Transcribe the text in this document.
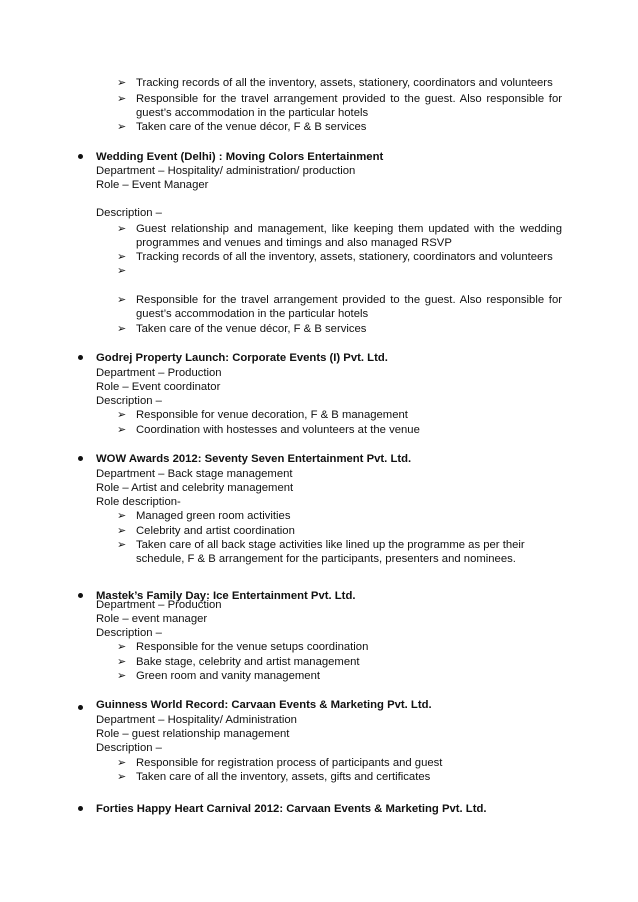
➢ Tracking records of all the inventory, assets, stationery, coordinators and volunteers
➢ Responsible for the travel arrangement provided to the guest. Also responsible for guest’s accommodation in the particular hotels
➢ Taken care of the venue décor, F & B services
Wedding Event (Delhi) : Moving Colors Entertainment
Department – Hospitality/ administration/ production
Role – Event Manager
Description –
➢ Guest relationship and management, like keeping them updated with the wedding programmes and venues and timings and also managed RSVP
➢ Tracking records of all the inventory, assets, stationery, coordinators and volunteers
➢
➢ Responsible for the travel arrangement provided to the guest. Also responsible for guest’s accommodation in the particular hotels
➢ Taken care of the venue décor, F & B services
Godrej Property Launch: Corporate Events (I) Pvt. Ltd.
Department – Production
Role – Event coordinator
Description –
➢ Responsible for venue decoration, F & B management
➢ Coordination with hostesses and volunteers at the venue
WOW Awards 2012: Seventy Seven Entertainment Pvt. Ltd.
Department – Back stage management
Role – Artist and celebrity management
Role description-
➢ Managed green room activities
➢ Celebrity and artist coordination
➢ Taken care of all back stage activities like lined up the programme as per their schedule, F & B arrangement for the participants, presenters and nominees.
Mastek’s Family Day: Ice Entertainment Pvt. Ltd.
Department – Production
Role – event manager
Description –
➢ Responsible for the venue setups coordination
➢ Bake stage, celebrity and artist management
➢ Green room and vanity management
Guinness World Record: Carvaan Events & Marketing Pvt. Ltd.
Department – Hospitality/ Administration
Role – guest relationship management
Description –
➢ Responsible for registration process of participants and guest
➢ Taken care of all the inventory, assets, gifts and certificates
Forties Happy Heart Carnival 2012: Carvaan Events & Marketing Pvt. Ltd.
